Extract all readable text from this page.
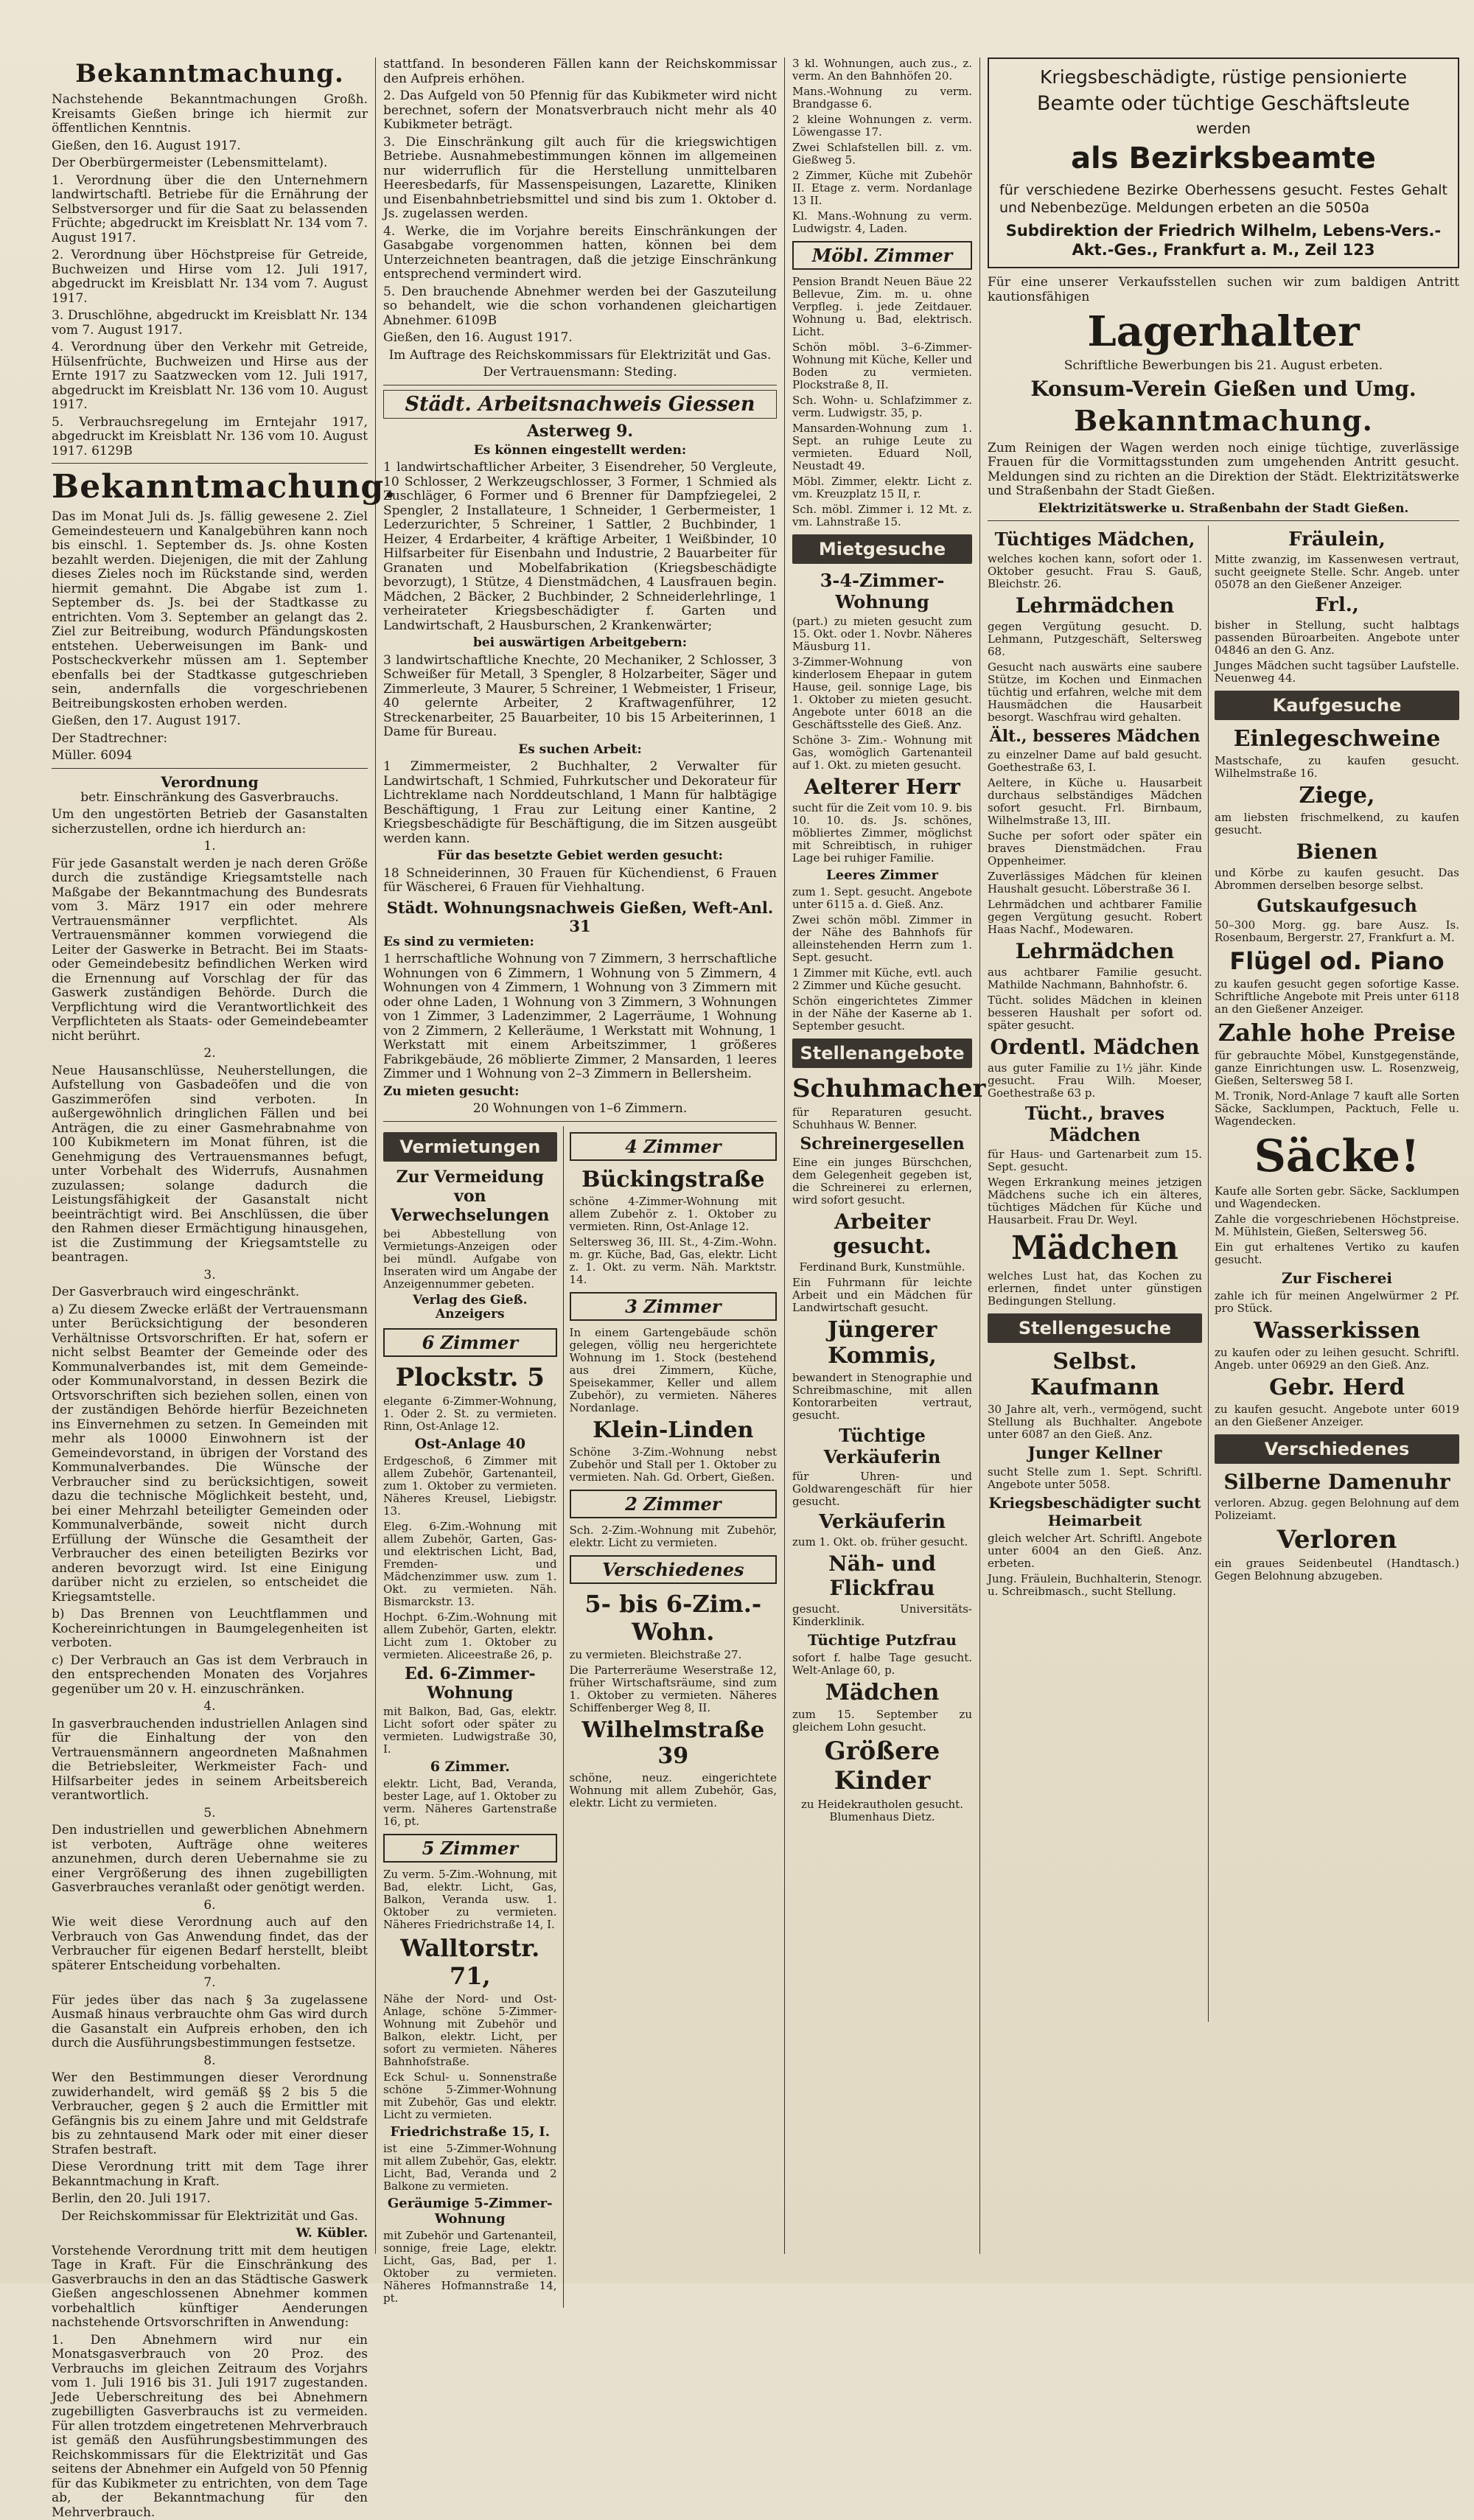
Bekanntmachung.

Nachstehende Bekanntmachungen Großh. Kreisamts Gießen bringe ich hiermit zur öffentlichen Kenntnis.

Gießen, den 16. August 1917.

Der Oberbürgermeister (Lebensmittelamt).

1. Verordnung über die den Unternehmern landwirtschaftl. Betriebe für die Ernährung der Selbstversorger und für die Saat zu belassenden Früchte; abgedruckt im Kreisblatt Nr. 134 vom 7. August 1917.

2. Verordnung über Höchstpreise für Getreide, Buchweizen und Hirse vom 12. Juli 1917, abgedruckt im Kreisblatt Nr. 134 vom 7. August 1917.

3. Druschlöhne, abgedruckt im Kreisblatt Nr. 134 vom 7. August 1917.

4. Verordnung über den Verkehr mit Getreide, Hülsenfrüchte, Buchweizen und Hirse aus der Ernte 1917 zu Saatzwecken vom 12. Juli 1917, abgedruckt im Kreisblatt Nr. 136 vom 10. August 1917.

5. Verbrauchsregelung im Erntejahr 1917, abgedruckt im Kreisblatt Nr. 136 vom 10. August 1917. 6129B

Bekanntmachung.

Das im Monat Juli ds. Js. fällig gewesene 2. Ziel Gemeindesteuern und Kanalgebühren kann noch bis einschl. 1. September ds. Js. ohne Kosten bezahlt werden. Diejenigen, die mit der Zahlung dieses Zieles noch im Rückstande sind, werden hiermit gemahnt. Die Abgabe ist zum 1. September ds. Js. bei der Stadtkasse zu entrichten. Vom 3. September an gelangt das 2. Ziel zur Beitreibung, wodurch Pfändungskosten entstehen. Ueberweisungen im Bank- und Postscheckverkehr müssen am 1. September ebenfalls bei der Stadtkasse gutgeschrieben sein, andernfalls die vorgeschriebenen Beitreibungskosten erhoben werden.

Gießen, den 17. August 1917.

Der Stadtrechner:

Müller. 6094

Verordnung

betr. Einschränkung des Gasverbrauchs.

Um den ungestörten Betrieb der Gasanstalten sicherzustellen, ordne ich hierdurch an:

1.

Für jede Gasanstalt werden je nach deren Größe durch die zuständige Kriegsamtstelle nach Maßgabe der Bekanntmachung des Bundesrats vom 3. März 1917 ein oder mehrere Vertrauensmänner verpflichtet. Als Vertrauensmänner kommen vorwiegend die Leiter der Gaswerke in Betracht. Bei im Staats- oder Gemeindebesitz befindlichen Werken wird die Ernennung auf Vorschlag der für das Gaswerk zuständigen Behörde. Durch die Verpflichtung wird die Verantwortlichkeit des Verpflichteten als Staats- oder Gemeindebeamter nicht berührt.

2.

Neue Hausanschlüsse, Neuherstellungen, die Aufstellung von Gasbadeöfen und die von Gaszimmeröfen sind verboten. In außergewöhnlich dringlichen Fällen und bei Anträgen, die zu einer Gasmehrabnahme von 100 Kubikmetern im Monat führen, ist die Genehmigung des Vertrauensmannes befugt, unter Vorbehalt des Widerrufs, Ausnahmen zuzulassen; solange dadurch die Leistungsfähigkeit der Gasanstalt nicht beeinträchtigt wird. Bei Anschlüssen, die über den Rahmen dieser Ermächtigung hinausgehen, ist die Zustimmung der Kriegsamtstelle zu beantragen.

3.

Der Gasverbrauch wird eingeschränkt.

a) Zu diesem Zwecke erläßt der Vertrauensmann unter Berücksichtigung der besonderen Verhältnisse Ortsvorschriften. Er hat, sofern er nicht selbst Beamter der Gemeinde oder des Kommunalverbandes ist, mit dem Gemeinde- oder Kommunalvorstand, in dessen Bezirk die Ortsvorschriften sich beziehen sollen, einen von der zuständigen Behörde hierfür Bezeichneten ins Einvernehmen zu setzen. In Gemeinden mit mehr als 10000 Einwohnern ist der Gemeindevorstand, in übrigen der Vorstand des Kommunalverbandes. Die Wünsche der Verbraucher sind zu berücksichtigen, soweit dazu die technische Möglichkeit besteht, und, bei einer Mehrzahl beteiligter Gemeinden oder Kommunalverbände, soweit nicht durch Erfüllung der Wünsche die Gesamtheit der Verbraucher des einen beteiligten Bezirks vor anderen bevorzugt wird. Ist eine Einigung darüber nicht zu erzielen, so entscheidet die Kriegsamtstelle.

b) Das Brennen von Leuchtflammen und Kochereinrichtungen in Baumgelegenheiten ist verboten.

c) Der Verbrauch an Gas ist dem Verbrauch in den entsprechenden Monaten des Vorjahres gegenüber um 20 v. H. einzuschränken.

4.

In gasverbrauchenden industriellen Anlagen sind für die Einhaltung der von den Vertrauensmännern angeordneten Maßnahmen die Betriebsleiter, Werkmeister Fach- und Hilfsarbeiter jedes in seinem Arbeitsbereich verantwortlich.

5.

Den industriellen und gewerblichen Abnehmern ist verboten, Aufträge ohne weiteres anzunehmen, durch deren Uebernahme sie zu einer Vergrößerung des ihnen zugebilligten Gasverbrauches veranlaßt oder genötigt werden.

6.

Wie weit diese Verordnung auch auf den Verbrauch von Gas Anwendung findet, das der Verbraucher für eigenen Bedarf herstellt, bleibt späterer Entscheidung vorbehalten.

7.

Für jedes über das nach § 3a zugelassene Ausmaß hinaus verbrauchte ohm Gas wird durch die Gasanstalt ein Aufpreis erhoben, den ich durch die Ausführungsbestimmungen festsetze.

8.

Wer den Bestimmungen dieser Verordnung zuwiderhandelt, wird gemäß §§ 2 bis 5 die Verbraucher, gegen § 2 auch die Ermittler mit Gefängnis bis zu einem Jahre und mit Geldstrafe bis zu zehntausend Mark oder mit einer dieser Strafen bestraft.

Diese Verordnung tritt mit dem Tage ihrer Bekanntmachung in Kraft.

Berlin, den 20. Juli 1917.

Der Reichskommissar für Elektrizität und Gas.

W. Kübler.

Vorstehende Verordnung tritt mit dem heutigen Tage in Kraft. Für die Einschränkung des Gasverbrauchs in den an das Städtische Gaswerk Gießen angeschlossenen Abnehmer kommen vorbehaltlich künftiger Aenderungen nachstehende Ortsvorschriften in Anwendung:

1. Den Abnehmern wird nur ein Monatsgasverbrauch von 20 Proz. des Verbrauchs im gleichen Zeitraum des Vorjahrs vom 1. Juli 1916 bis 31. Juli 1917 zugestanden. Jede Ueberschreitung des bei Abnehmern zugebilligten Gasverbrauchs ist zu vermeiden. Für allen trotzdem eingetretenen Mehrverbrauch ist gemäß den Ausführungsbestimmungen des Reichskommissars für die Elektrizität und Gas seitens der Abnehmer ein Aufgeld von 50 Pfennig für das Kubikmeter zu entrichten, von dem Tage ab, der Bekanntmachung für den Mehrverbrauch.

stattfand. In besonderen Fällen kann der Reichskommissar den Aufpreis erhöhen.

2. Das Aufgeld von 50 Pfennig für das Kubikmeter wird nicht berechnet, sofern der Monatsverbrauch nicht mehr als 40 Kubikmeter beträgt.

3. Die Einschränkung gilt auch für die kriegswichtigen Betriebe. Ausnahmebestimmungen können im allgemeinen nur widerruflich für die Herstellung unmittelbaren Heeresbedarfs, für Massenspeisungen, Lazarette, Kliniken und Eisenbahnbetriebsmittel und sind bis zum 1. Oktober d. Js. zugelassen werden.

4. Werke, die im Vorjahre bereits Einschränkungen der Gasabgabe vorgenommen hatten, können bei dem Unterzeichneten beantragen, daß die jetzige Einschränkung entsprechend vermindert wird.

5. Den brauchende Abnehmer werden bei der Gaszuteilung so behandelt, wie die schon vorhandenen gleichartigen Abnehmer. 6109B

Gießen, den 16. August 1917.

Im Auftrage des Reichskommissars für Elektrizität und Gas.

Der Vertrauensmann: Steding.

Städt. Arbeitsnachweis Giessen
Asterweg 9.

Es können eingestellt werden:

1 landwirtschaftlicher Arbeiter, 3 Eisendreher, 50 Vergleute, 10 Schlosser, 2 Werkzeugschlosser, 3 Former, 1 Schmied als Zuschläger, 6 Former und 6 Brenner für Dampfziegelei, 2 Spengler, 2 Installateure, 1 Schneider, 1 Gerbermeister, 1 Lederzurichter, 5 Schreiner, 1 Sattler, 2 Buchbinder, 1 Heizer, 4 Erdarbeiter, 4 kräftige Arbeiter, 1 Weißbinder, 10 Hilfsarbeiter für Eisenbahn und Industrie, 2 Bauarbeiter für Granaten und Mobelfabrikation (Kriegsbeschädigte bevorzugt), 1 Stütze, 4 Dienstmädchen, 4 Lausfrauen begin. Mädchen, 2 Bäcker, 2 Buchbinder, 2 Schneiderlehrlinge, 1 verheirateter Kriegsbeschädigter f. Garten und Landwirtschaft, 2 Hausburschen, 2 Krankenwärter;

bei auswärtigen Arbeitgebern:

3 landwirtschaftliche Knechte, 20 Mechaniker, 2 Schlosser, 3 Schweißer für Metall, 3 Spengler, 8 Holzarbeiter, Säger und Zimmerleute, 3 Maurer, 5 Schreiner, 1 Webmeister, 1 Friseur, 40 gelernte Arbeiter, 2 Kraftwagenführer, 12 Streckenarbeiter, 25 Bauarbeiter, 10 bis 15 Arbeiterinnen, 1 Dame für Bureau.

Es suchen Arbeit:

1 Zimmermeister, 2 Buchhalter, 2 Verwalter für Landwirtschaft, 1 Schmied, Fuhrkutscher und Dekorateur für Lichtreklame nach Norddeutschland, 1 Mann für halbtägige Beschäftigung, 1 Frau zur Leitung einer Kantine, 2 Kriegsbeschädigte für Beschäftigung, die im Sitzen ausgeübt werden kann.

Für das besetzte Gebiet werden gesucht:

18 Schneiderinnen, 30 Frauen für Küchendienst, 6 Frauen für Wäscherei, 6 Frauen für Viehhaltung.

Städt. Wohnungsnachweis Gießen, Weft-Anl. 31

Es sind zu vermieten:

1 herrschaftliche Wohnung von 7 Zimmern, 3 herrschaftliche Wohnungen von 6 Zimmern, 1 Wohnung von 5 Zimmern, 4 Wohnungen von 4 Zimmern, 1 Wohnung von 3 Zimmern mit oder ohne Laden, 1 Wohnung von 3 Zimmern, 3 Wohnungen von 1 Zimmer, 3 Ladenzimmer, 2 Lagerräume, 1 Wohnung von 2 Zimmern, 2 Kelleräume, 1 Werkstatt mit Wohnung, 1 Werkstatt mit einem Arbeitszimmer, 1 größeres Fabrikgebäude, 26 möblierte Zimmer, 2 Mansarden, 1 leeres Zimmer und 1 Wohnung von 2–3 Zimmern in Bellersheim.

Zu mieten gesucht:

20 Wohnungen von 1–6 Zimmern.

Vermietungen
Zur Vermeidung von Verwechselungen

bei Abbestellung von Vermietungs-Anzeigen oder bei mündl. Aufgabe von Inseraten wird um Angabe der Anzeigennummer gebeten.

Verlag des Gieß. Anzeigers

6 Zimmer
Plockstr. 5

elegante 6-Zimmer-Wohnung, 1. Oder 2. St. zu vermieten. Rinn, Ost-Anlage 12.

Ost-Anlage 40

Erdgeschoß, 6 Zimmer mit allem Zubehör, Gartenanteil, zum 1. Oktober zu vermieten. Näheres Kreusel, Liebigstr. 13.

Eleg. 6-Zim.-Wohnung mit allem Zubehör, Garten, Gas- und elektrischen Licht, Bad, Fremden- und Mädchenzimmer usw. zum 1. Okt. zu vermieten. Näh. Bismarckstr. 13.

Hochpt. 6-Zim.-Wohnung mit allem Zubehör, Garten, elektr. Licht zum 1. Oktober zu vermieten. Aliceestraße 26, p.

Ed. 6-Zimmer-Wohnung

mit Balkon, Bad, Gas, elektr. Licht sofort oder später zu vermieten. Ludwigstraße 30, I.

6 Zimmer.

elektr. Licht, Bad, Veranda, bester Lage, auf 1. Oktober zu verm. Näheres Gartenstraße 16, pt.

5 Zimmer

Zu verm. 5-Zim.-Wohnung, mit Bad, elektr. Licht, Gas, Balkon, Veranda usw. 1. Oktober zu vermieten. Näheres Friedrichstraße 14, I.

Walltorstr. 71,

Nähe der Nord- und Ost-Anlage, schöne 5-Zimmer-Wohnung mit Zubehör und Balkon, elektr. Licht, per sofort zu vermieten. Näheres Bahnhofstraße.

Eck Schul- u. Sonnenstraße schöne 5-Zimmer-Wohnung mit Zubehör, Gas und elektr. Licht zu vermieten.

Friedrichstraße 15, I.

ist eine 5-Zimmer-Wohnung mit allem Zubehör, Gas, elektr. Licht, Bad, Veranda und 2 Balkone zu vermieten.

Geräumige 5-Zimmer-Wohnung

mit Zubehör und Gartenanteil, sonnige, freie Lage, elektr. Licht, Gas, Bad, per 1. Oktober zu vermieten. Näheres Hofmannstraße 14, pt.

4 Zimmer
Bückingstraße

schöne 4-Zimmer-Wohnung mit allem Zubehör z. 1. Oktober zu vermieten. Rinn, Ost-Anlage 12.

Seltersweg 36, III. St., 4-Zim.-Wohn. m. gr. Küche, Bad, Gas, elektr. Licht z. 1. Okt. zu verm. Näh. Marktstr. 14.

3 Zimmer

In einem Gartengebäude schön gelegen, völlig neu hergerichtete Wohnung im 1. Stock (bestehend aus drei Zimmern, Küche, Speisekammer, Keller und allem Zubehör), zu vermieten. Näheres Nordanlage.

Klein-Linden

Schöne 3-Zim.-Wohnung nebst Zubehör und Stall per 1. Oktober zu vermieten. Nah. Gd. Orbert, Gießen.

2 Zimmer

Sch. 2-Zim.-Wohnung mit Zubehör, elektr. Licht zu vermieten.

Verschiedenes
5- bis 6-Zim.-Wohn.

zu vermieten. Bleichstraße 27.

Die Parterreräume Weserstraße 12, früher Wirtschaftsräume, sind zum 1. Oktober zu vermieten. Näheres Schiffenberger Weg 8, II.

Wilhelmstraße 39

schöne, neuz. eingerichtete Wohnung mit allem Zubehör, Gas, elektr. Licht zu vermieten.

3 kl. Wohnungen, auch zus., z. verm. An den Bahnhöfen 20.

Mans.-Wohnung zu verm. Brandgasse 6.

2 kleine Wohnungen z. verm. Löwengasse 17.

Zwei Schlafstellen bill. z. vm. Gießweg 5.

2 Zimmer, Küche mit Zubehör II. Etage z. verm. Nordanlage 13 II.

Kl. Mans.-Wohnung zu verm. Ludwigstr. 4, Laden.

Möbl. Zimmer

Pension Brandt Neuen Bäue 22 Bellevue, Zim. m. u. ohne Verpfleg. i. jede Zeitdauer. Wohnung u. Bad, elektrisch. Licht.

Schön möbl. 3–6-Zimmer-Wohnung mit Küche, Keller und Boden zu vermieten. Plockstraße 8, II.

Sch. Wohn- u. Schlafzimmer z. verm. Ludwigstr. 35, p.

Mansarden-Wohnung zum 1. Sept. an ruhige Leute zu vermieten. Eduard Noll, Neustadt 49.

Möbl. Zimmer, elektr. Licht z. vm. Kreuzplatz 15 II, r.

Sch. möbl. Zimmer i. 12 Mt. z. vm. Lahnstraße 15.

Mietgesuche
3-4-Zimmer-Wohnung

(part.) zu mieten gesucht zum 15. Okt. oder 1. Novbr. Näheres Mäusburg 11.

3-Zimmer-Wohnung von kinderlosem Ehepaar in gutem Hause, geil. sonnige Lage, bis 1. Oktober zu mieten gesucht. Angebote unter 6018 an die Geschäftsstelle des Gieß. Anz.

Schöne 3- Zim.- Wohnung mit Gas, womöglich Gartenanteil auf 1. Okt. zu mieten gesucht.

Aelterer Herr

sucht für die Zeit vom 10. 9. bis 10. 10. ds. Js. schönes, möbliertes Zimmer, möglichst mit Schreibtisch, in ruhiger Lage bei ruhiger Familie.

Leeres Zimmer

zum 1. Sept. gesucht. Angebote unter 6115 a. d. Gieß. Anz.

Zwei schön möbl. Zimmer in der Nähe des Bahnhofs für alleinstehenden Herrn zum 1. Sept. gesucht.

1 Zimmer mit Küche, evtl. auch 2 Zimmer und Küche gesucht.

Schön eingerichtetes Zimmer in der Nähe der Kaserne ab 1. September gesucht.

Stellenangebote
Schuhmacher

für Reparaturen gesucht. Schuhhaus W. Benner.

Schreinergesellen

Eine ein junges Bürschchen, dem Gelegenheit gegeben ist, die Schreinerei zu erlernen, wird sofort gesucht.

Arbeiter gesucht.

Ferdinand Burk, Kunstmühle.

Ein Fuhrmann für leichte Arbeit und ein Mädchen für Landwirtschaft gesucht.

Jüngerer Kommis,

bewandert in Stenographie und Schreibmaschine, mit allen Kontorarbeiten vertraut, gesucht.

Tüchtige Verkäuferin

für Uhren- und Goldwarengeschäft für hier gesucht.

Verkäuferin

zum 1. Okt. ob. früher gesucht.

Näh- und Flickfrau

gesucht. Universitäts-Kinderklinik.

Tüchtige Putzfrau

sofort f. halbe Tage gesucht. Welt-Anlage 60, p.

Mädchen

zum 15. September zu gleichem Lohn gesucht.

Größere Kinder

zu Heidekrautholen gesucht. Blumenhaus Dietz.

Kriegsbeschädigte, rüstige pensionierte
Beamte oder tüchtige Geschäftsleute
werden
als Bezirksbeamte
für verschiedene Bezirke Oberhessens gesucht. Festes Gehalt und Nebenbezüge. Meldungen erbeten an die 5050a
Subdirektion der Friedrich Wilhelm, Lebens-Vers.-Akt.-Ges., Frankfurt a. M., Zeil 123

Für eine unserer Verkaufsstellen suchen wir zum baldigen Antritt kautionsfähigen

Lagerhalter

Schriftliche Bewerbungen bis 21. August erbeten.

Konsum-Verein Gießen und Umg.
Bekanntmachung.

Zum Reinigen der Wagen werden noch einige tüchtige, zuverlässige Frauen für die Vormittagsstunden zum umgehenden Antritt gesucht. Meldungen sind zu richten an die Direktion der Städt. Elektrizitätswerke und Straßenbahn der Stadt Gießen.

Elektrizitätswerke u. Straßenbahn der Stadt Gießen.

Tüchtiges Mädchen,

welches kochen kann, sofort oder 1. Oktober gesucht. Frau S. Gauß, Bleichstr. 26.

Lehrmädchen

gegen Vergütung gesucht. D. Lehmann, Putzgeschäft, Seltersweg 68.

Gesucht nach auswärts eine saubere Stütze, im Kochen und Einmachen tüchtig und erfahren, welche mit dem Hausmädchen die Hausarbeit besorgt. Waschfrau wird gehalten.

Ält., besseres Mädchen

zu einzelner Dame auf bald gesucht. Goethestraße 63, I.

Aeltere, in Küche u. Hausarbeit durchaus selbständiges Mädchen sofort gesucht. Frl. Birnbaum, Wilhelmstraße 13, III.

Suche per sofort oder später ein braves Dienstmädchen. Frau Oppenheimer.

Zuverlässiges Mädchen für kleinen Haushalt gesucht. Löberstraße 36 I.

Lehrmädchen und achtbarer Familie gegen Vergütung gesucht. Robert Haas Nachf., Modewaren.

Lehrmädchen

aus achtbarer Familie gesucht. Mathilde Nachmann, Bahnhofstr. 6.

Tücht. solides Mädchen in kleinen besseren Haushalt per sofort od. später gesucht.

Ordentl. Mädchen

aus guter Familie zu 1½ jähr. Kinde gesucht. Frau Wilh. Moeser, Goethestraße 63 p.

Tücht., braves Mädchen

für Haus- und Gartenarbeit zum 15. Sept. gesucht.

Wegen Erkrankung meines jetzigen Mädchens suche ich ein älteres, tüchtiges Mädchen für Küche und Hausarbeit. Frau Dr. Weyl.

Mädchen

welches Lust hat, das Kochen zu erlernen, findet unter günstigen Bedingungen Stellung.

Stellengesuche
Selbst. Kaufmann

30 Jahre alt, verh., vermögend, sucht Stellung als Buchhalter. Angebote unter 6087 an den Gieß. Anz.

Junger Kellner

sucht Stelle zum 1. Sept. Schriftl. Angebote unter 5058.

Kriegsbeschädigter sucht Heimarbeit

gleich welcher Art. Schriftl. Angebote unter 6004 an den Gieß. Anz. erbeten.

Jung. Fräulein, Buchhalterin, Stenogr. u. Schreibmasch., sucht Stellung.

Fräulein,

Mitte zwanzig, im Kassenwesen vertraut, sucht geeignete Stelle. Schr. Angeb. unter 05078 an den Gießener Anzeiger.

Frl.,

bisher in Stellung, sucht halbtags passenden Büroarbeiten. Angebote unter 04846 an den G. Anz.

Junges Mädchen sucht tagsüber Laufstelle. Neuenweg 44.

Kaufgesuche
Einlegeschweine

Mastschafe, zu kaufen gesucht. Wilhelmstraße 16.

Ziege,

am liebsten frischmelkend, zu kaufen gesucht.

Bienen

und Körbe zu kaufen gesucht. Das Abrommen derselben besorge selbst.

Gutskaufgesuch

50–300 Morg. gg. bare Ausz. Is. Rosenbaum, Bergerstr. 27, Frankfurt a. M.

Flügel od. Piano

zu kaufen gesucht gegen sofortige Kasse. Schriftliche Angebote mit Preis unter 6118 an den Gießener Anzeiger.

Zahle hohe Preise

für gebrauchte Möbel, Kunstgegenstände, ganze Einrichtungen usw. L. Rosenzweig, Gießen, Seltersweg 58 I.

M. Tronik, Nord-Anlage 7 kauft alle Sorten Säcke, Sacklumpen, Packtuch, Felle u. Wagendecken.

Säcke!

Kaufe alle Sorten gebr. Säcke, Sacklumpen und Wagendecken.

Zahle die vorgeschriebenen Höchstpreise. M. Mühlstein, Gießen, Seltersweg 56.

Ein gut erhaltenes Vertiko zu kaufen gesucht.

Zur Fischerei

zahle ich für meinen Angelwürmer 2 Pf. pro Stück.

Wasserkissen

zu kaufen oder zu leihen gesucht. Schriftl. Angeb. unter 06929 an den Gieß. Anz.

Gebr. Herd

zu kaufen gesucht. Angebote unter 6019 an den Gießener Anzeiger.

Verschiedenes
Silberne Damenuhr

verloren. Abzug. gegen Belohnung auf dem Polizeiamt.

Verloren

ein graues Seidenbeutel (Handtasch.) Gegen Belohnung abzugeben.
